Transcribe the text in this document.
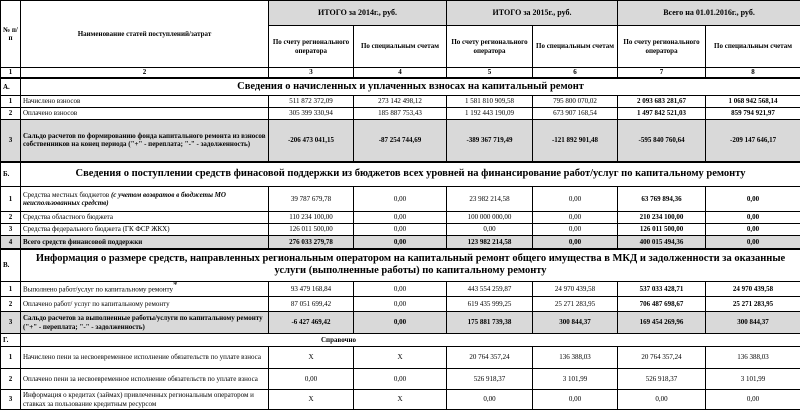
№ п/п	Наименование статей поступлений/затрат	ИТОГО за 2014г., руб.		ИТОГО за 2015г., руб.		Всего на 01.01.2016г., руб.	
		По счету регионального оператора	По специальным счетам	По счету регионального оператора	По специальным счетам	По счету регионального оператора	По специальным счетам
1	2	3	4	5	6	7	8
А.	Сведения о начисленных и уплаченных взносах на капитальный ремонт						
1	Начислено взносов	511 872 372,09	273 142 498,12	1 581 810 909,58	795 800 070,02	2 093 683 281,67	1 068 942 568,14
2	Оплачено взносов	305 399 330,94	185 887 753,43	1 192 443 190,09	673 907 168,54	1 497 842 521,03	859 794 921,97
3	Сальдо расчетов по формированию фонда капитального ремонта из взносов собственников на конец периода ("+" - переплата; "-" - задолженность)	-206 473 041,15	-87 254 744,69	-389 367 719,49	-121 892 901,48	-595 840 760,64	-209 147 646,17
Б.	Сведения о поступлении средств финасовой поддержки из бюджетов всех уровней на финансирование работ/услуг по капитальному ремонту						
1	Средства местных бюджетов (с учетом возвратов в бюджеты МО неиспользованных средств)	39 787 679,78	0,00	23 982 214,58	0,00	63 769 894,36	0,00
2	Средства областного бюджета	110 234 100,00	0,00	100 000 000,00	0,00	210 234 100,00	0,00
3	Средства федерального бюджета (ГК ФСР ЖКХ)	126 011 500,00	0,00	0,00	0,00	126 011 500,00	0,00
4	Всего средств финансовой поддержки	276 033 279,78	0,00	123 982 214,58	0,00	400 015 494,36	0,00
В.	Информация о размере средств, направленных региональным оператором на капитальный ремонт общего имущества в МКД и задолженности за оказанные услуги (выполненные работы) по капитальному ремонту						
1	Выполнено работ/услуг по капитальному ремонту*	93 479 168,84	0,00	443 554 259,87	24 970 439,58	537 033 428,71	24 970 439,58
2	Оплачено работ/ услуг по капитальному ремонту	87 051 699,42	0,00	619 435 999,25	25 271 283,95	706 487 698,67	25 271 283,95
3	Сальдо расчетов за выполненные работы/услуги по капитальному ремонту ("+" - переплата; "-" - задолженность)	-6 427 469,42	0,00	175 881 739,38	300 844,37	169 454 269,96	300 844,37
Г.	Справочно						
1	Начислено пени за несвоевременное исполнение обязательств по уплате взноса	Х	Х	20 764 357,24	136 388,03	20 764 357,24	136 388,03
2	Оплачено пени за несвоевременное исполнение обязательств по уплате взноса	0,00	0,00	526 918,37	3 101,99	526 918,37	3 101,99
3	Информация о кредитах (займах) привлеченных региональным оператором и ставках за пользование кредитным ресурсом	Х	Х	0,00	0,00	0,00	0,00
